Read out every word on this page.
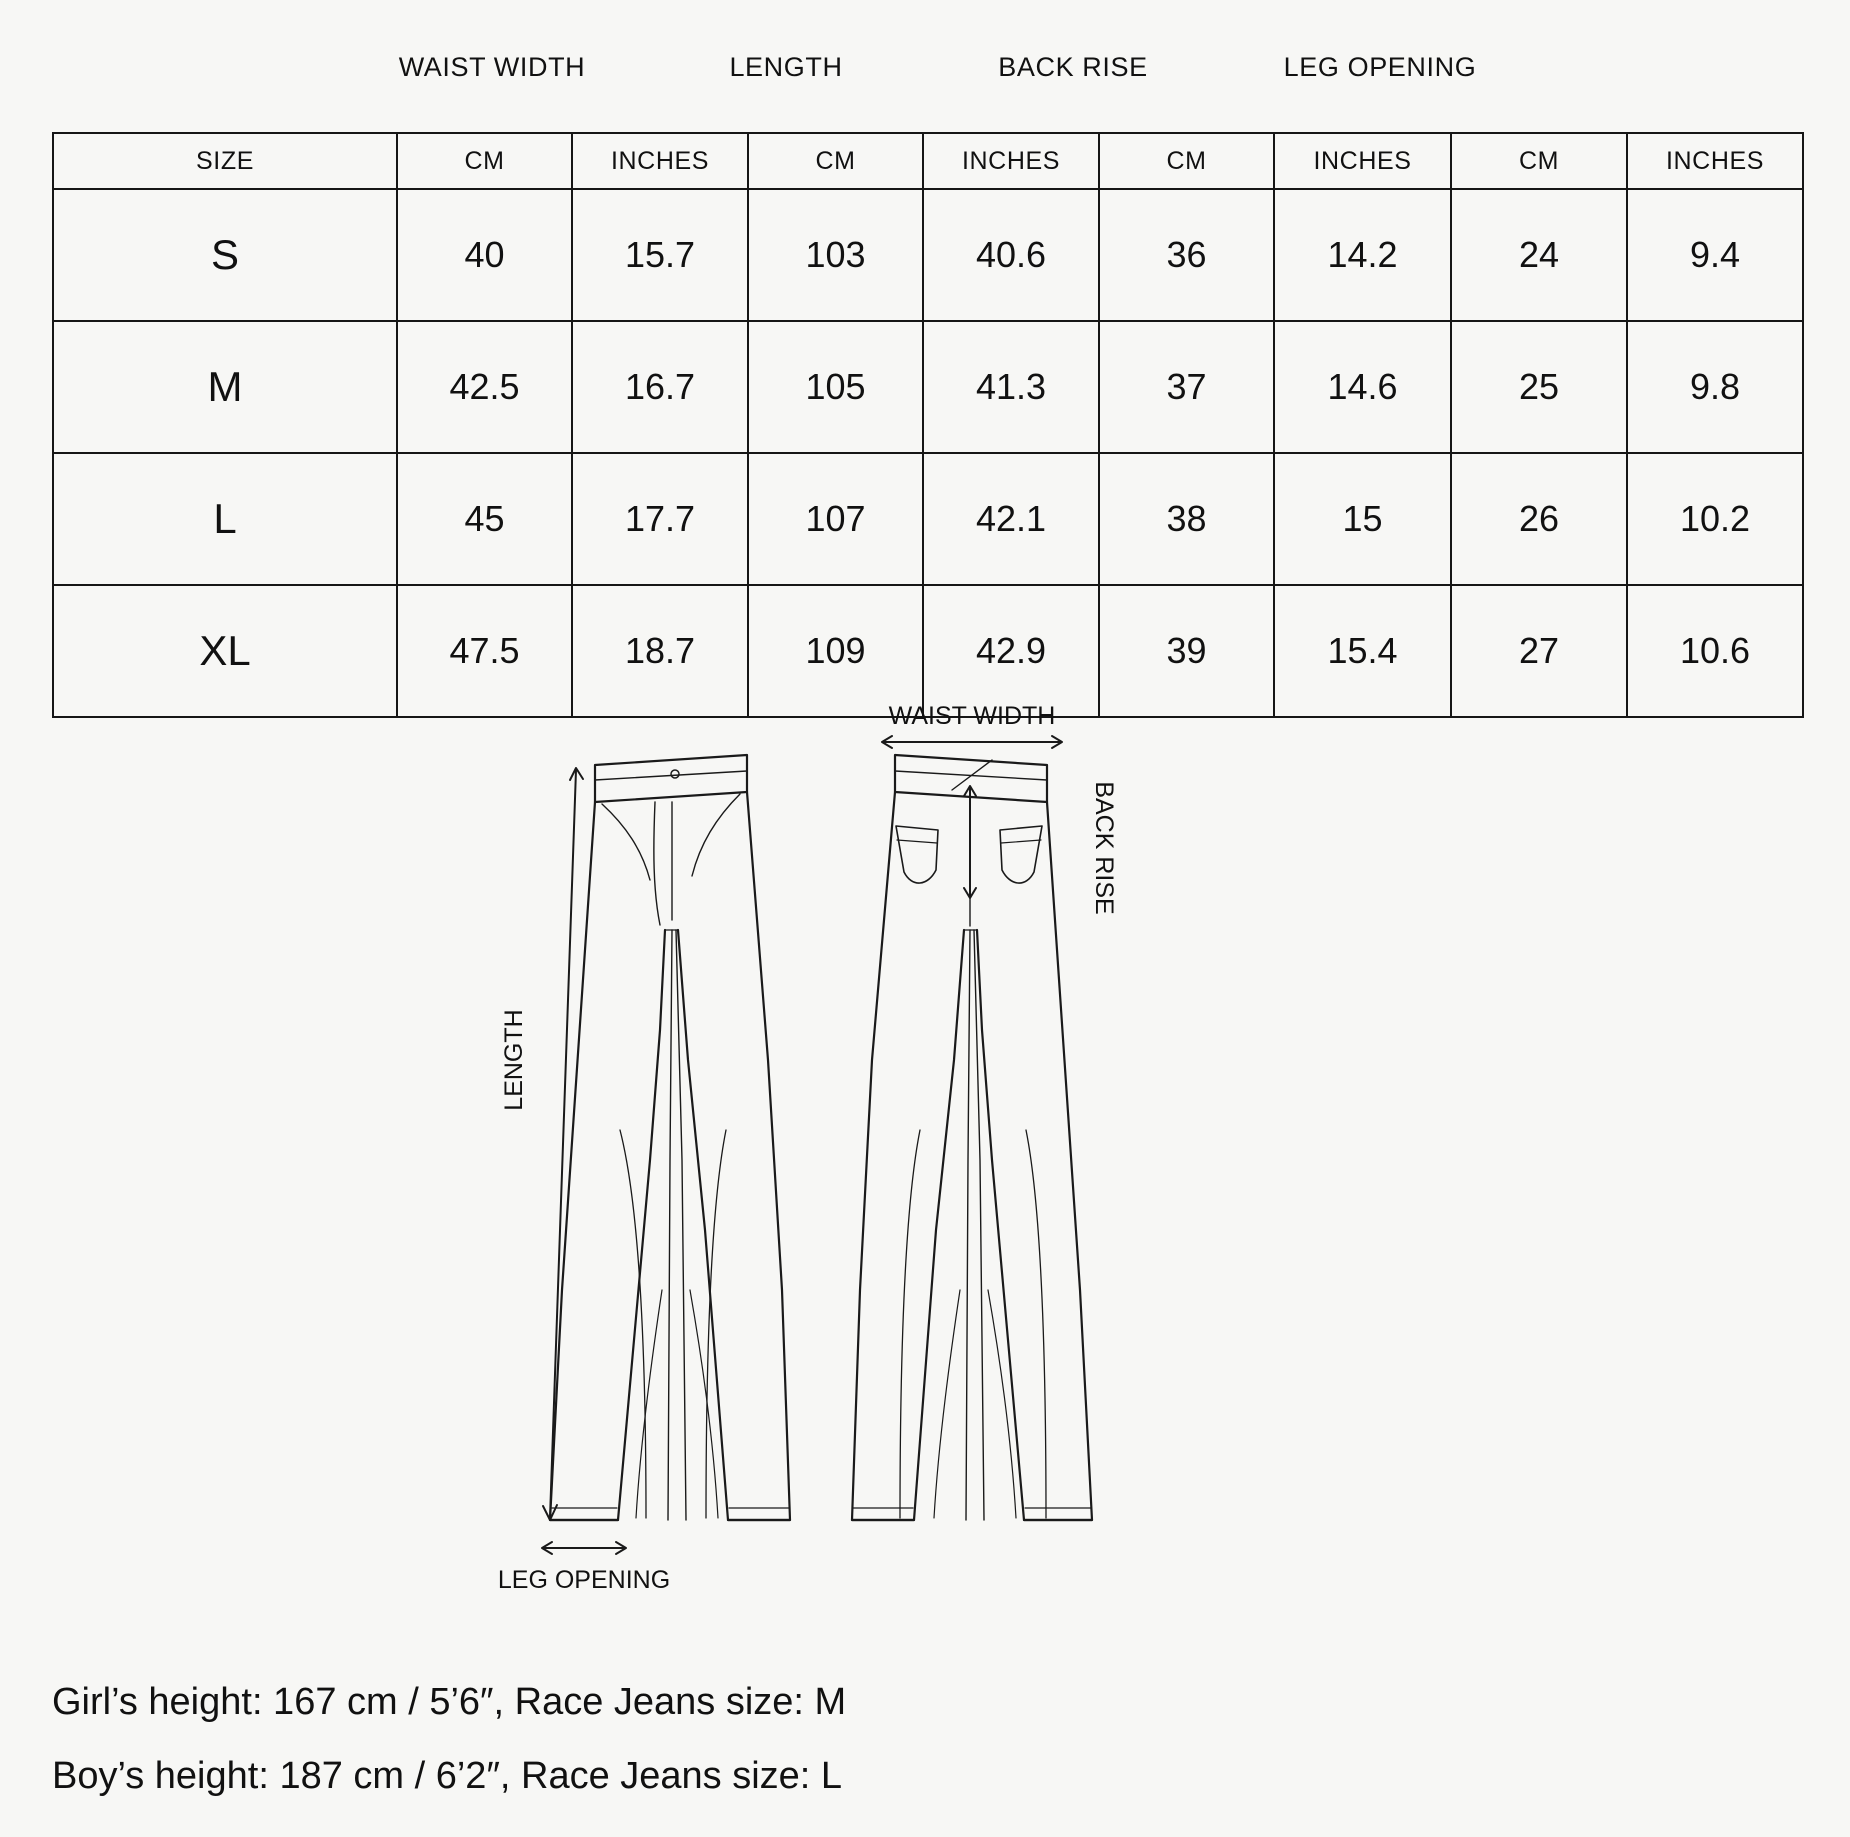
WAIST WIDTH	LENGTH	BACK RISE	LEG OPENING
SIZE	CM	INCHES	CM	INCHES	CM	INCHES	CM	INCHES
S	40	15.7	103	40.6	36	14.2	24	9.4
M	42.5	16.7	105	41.3	37	14.6	25	9.8
L	45	17.7	107	42.1	38	15	26	10.2
XL	47.5	18.7	109	42.9	39	15.4	27	10.6
WAIST WIDTH
BACK RISE
LENGTH
LEG OPENING
Girl’s height: 167 cm / 5’6″, Race Jeans size: M
Boy’s height: 187 cm / 6’2″, Race Jeans size: L
